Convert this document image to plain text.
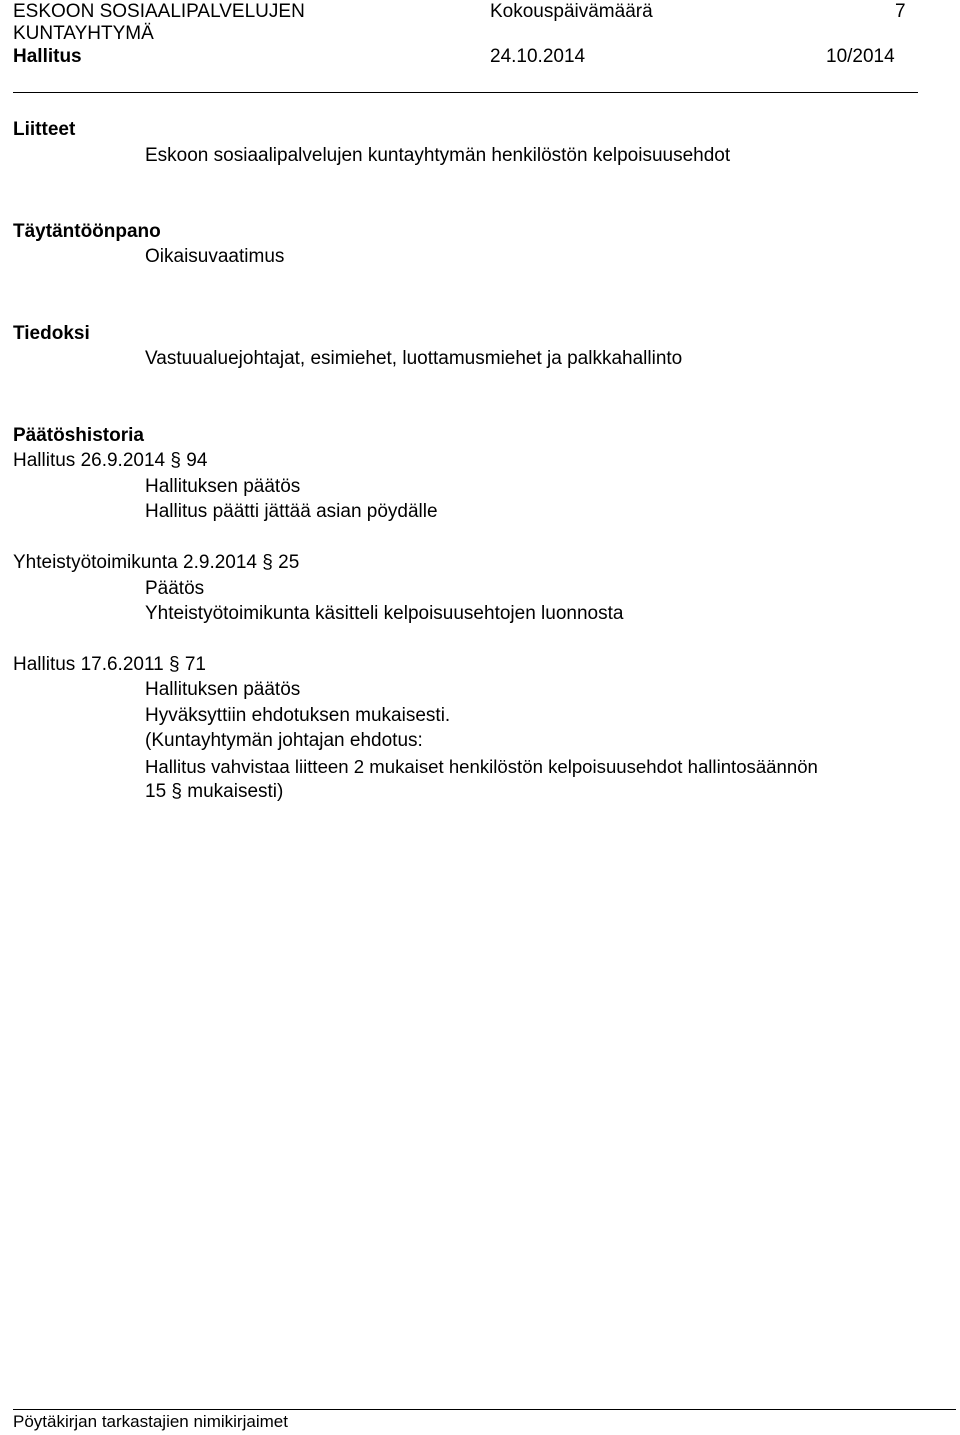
ESKOON SOSIAALIPALVELUJEN
KUNTAYHTYMÄ
Hallitus
Kokouspäivämäärä
24.10.2014
7
10/2014
Liitteet
Eskoon sosiaalipalvelujen kuntayhtymän henkilöstön kelpoisuusehdot
Täytäntöönpano
Oikaisuvaatimus
Tiedoksi
Vastuualuejohtajat, esimiehet, luottamusmiehet ja palkkahallinto
Päätöshistoria
Hallitus 26.9.2014 § 94
Hallituksen päätös
Hallitus päätti jättää asian pöydälle
Yhteistyötoimikunta 2.9.2014 § 25
Päätös
Yhteistyötoimikunta käsitteli kelpoisuusehtojen luonnosta
Hallitus 17.6.2011 § 71
Hallituksen päätös
Hyväksyttiin ehdotuksen mukaisesti.
(Kuntayhtymän johtajan ehdotus:
Hallitus vahvistaa liitteen 2 mukaiset henkilöstön kelpoisuusehdot hallintosäännön
15 § mukaisesti)
Pöytäkirjan tarkastajien nimikirjaimet
